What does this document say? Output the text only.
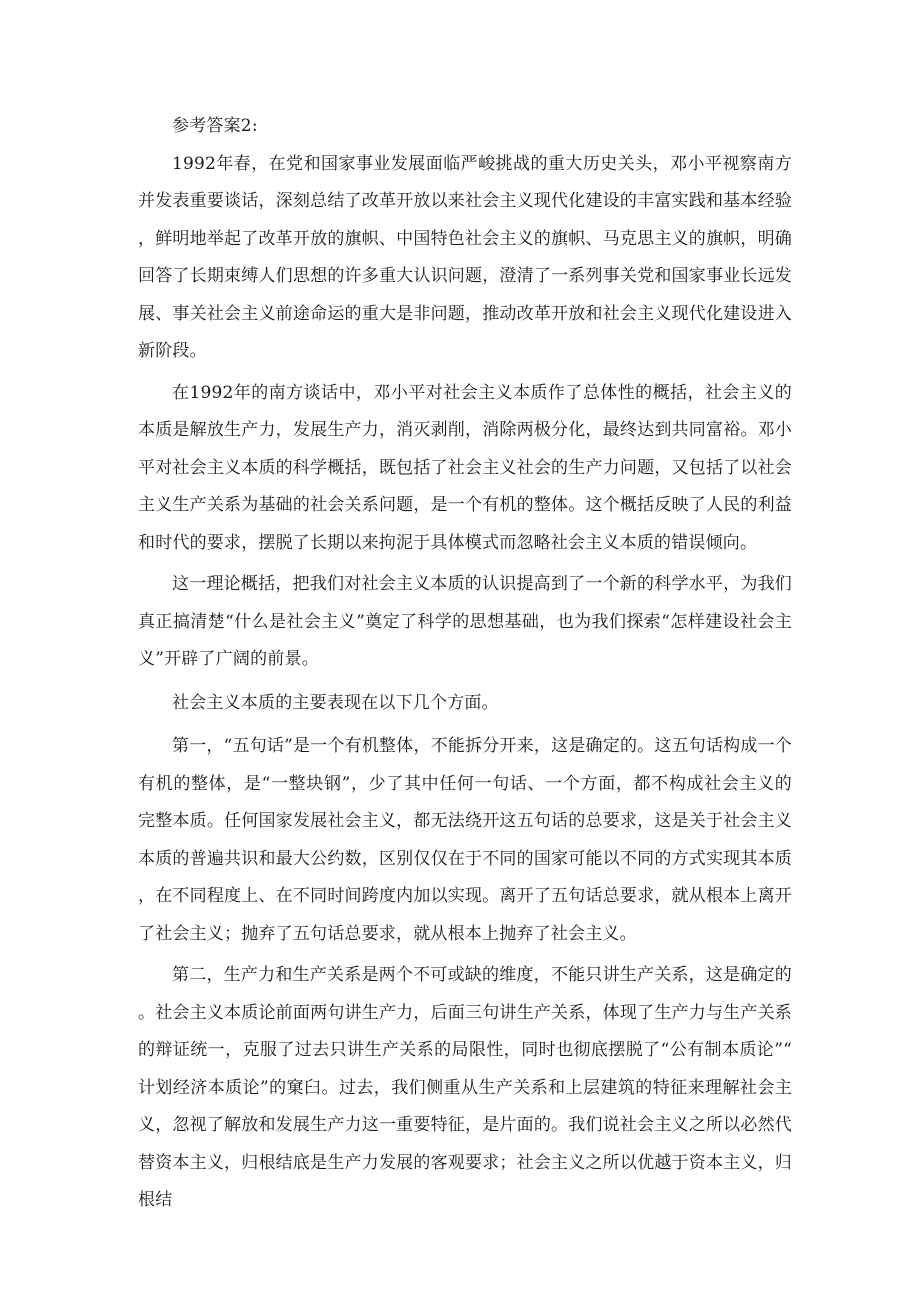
参考答案2:

1992年春，在党和国家事业发展面临严峻挑战的重大历史关头，邓小平视察南方并发表重要谈话，深刻总结了改革开放以来社会主义现代化建设的丰富实践和基本经验，鲜明地举起了改革开放的旗帜、中国特色社会主义的旗帜、马克思主义的旗帜，明确回答了长期束缚人们思想的许多重大认识问题，澄清了一系列事关党和国家事业长远发展、事关社会主义前途命运的重大是非问题，推动改革开放和社会主义现代化建设进入新阶段。

在1992年的南方谈话中，邓小平对社会主义本质作了总体性的概括，社会主义的本质是解放生产力，发展生产力，消灭剥削，消除两极分化，最终达到共同富裕。邓小平对社会主义本质的科学概括，既包括了社会主义社会的生产力问题，又包括了以社会主义生产关系为基础的社会关系问题，是一个有机的整体。这个概括反映了人民的利益和时代的要求，摆脱了长期以来拘泥于具体模式而忽略社会主义本质的错误倾向。

这一理论概括，把我们对社会主义本质的认识提高到了一个新的科学水平，为我们真正搞清楚“什么是社会主义”奠定了科学的思想基础，也为我们探索“怎样建设社会主义”开辟了广阔的前景。

社会主义本质的主要表现在以下几个方面。

第一，“五句话”是一个有机整体，不能拆分开来，这是确定的。这五句话构成一个有机的整体，是“一整块钢”，少了其中任何一句话、一个方面，都不构成社会主义的完整本质。任何国家发展社会主义，都无法绕开这五句话的总要求，这是关于社会主义本质的普遍共识和最大公约数，区别仅仅在于不同的国家可能以不同的方式实现其本质，在不同程度上、在不同时间跨度内加以实现。离开了五句话总要求，就从根本上离开了社会主义；抛弃了五句话总要求，就从根本上抛弃了社会主义。

第二，生产力和生产关系是两个不可或缺的维度，不能只讲生产关系，这是确定的。社会主义本质论前面两句讲生产力，后面三句讲生产关系，体现了生产力与生产关系的辩证统一，克服了过去只讲生产关系的局限性，同时也彻底摆脱了“公有制本质论”“计划经济本质论”的窠臼。过去，我们侧重从生产关系和上层建筑的特征来理解社会主义，忽视了解放和发展生产力这一重要特征，是片面的。我们说社会主义之所以必然代替资本主义，归根结底是生产力发展的客观要求；社会主义之所以优越于资本主义，归根结
